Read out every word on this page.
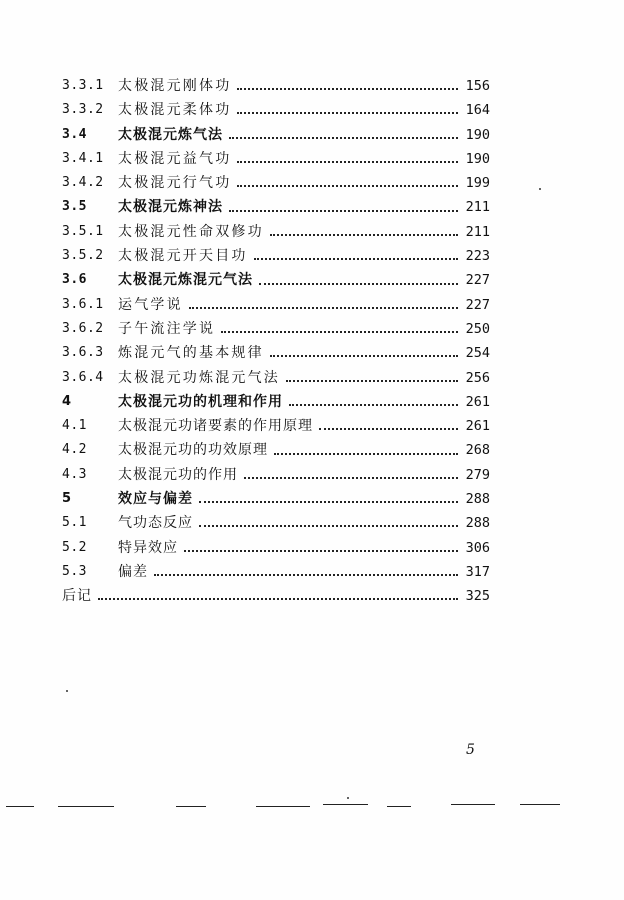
3.3.1 太极混元刚体功	156
3.3.2 太极混元柔体功	164
3.4 太极混元炼气法	190
3.4.1 太极混元益气功	190
3.4.2 太极混元行气功	199
3.5 太极混元炼神法	211
3.5.1 太极混元性命双修功	211
3.5.2 太极混元开天目功	223
3.6 太极混元炼混元气法	227
3.6.1 运气学说	227
3.6.2 子午流注学说	250
3.6.3 炼混元气的基本规律	254
3.6.4 太极混元功炼混元气法	256
4	太极混元功的机理和作用	261
4.1 太极混元功诸要素的作用原理	261
4.2 太极混元功的功效原理	268
4.3 太极混元功的作用	279
5	效应与偏差	288
5.1 气功态反应	288
5.2 特异效应	306
5.3 偏差	317
后记	325
5
